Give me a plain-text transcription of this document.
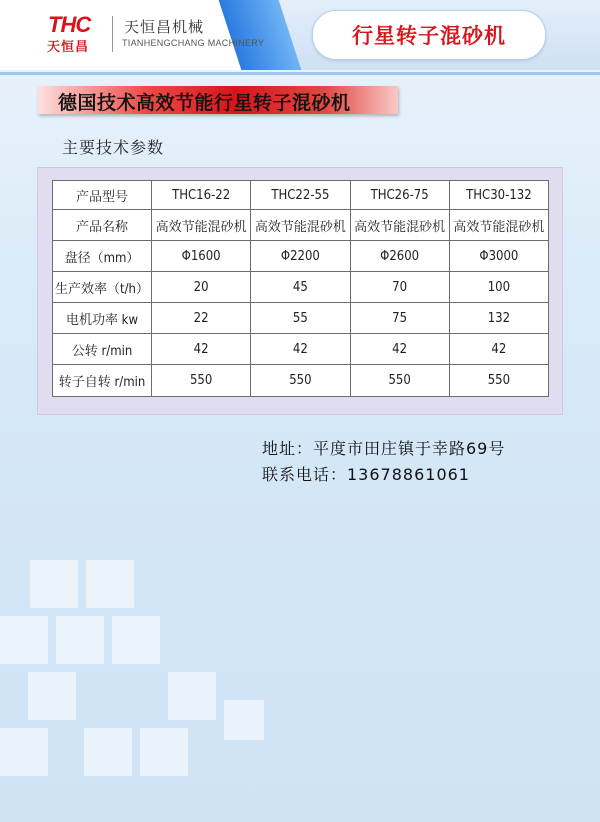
THC
天恒昌
天恒昌机械
TIANHENGCHANG MACHINERY	行星转子混砂机
德国技术高效节能行星转子混砂机
主要技术参数
产品型号	THC16-22	THC22-55	THC26-75	THC30-132
产品名称	高效节能混砂机	高效节能混砂机	高效节能混砂机	高效节能混砂机
盘径（mm）	Φ1600	Φ2200	Φ2600	Φ3000
生产效率（t/h）	20	45	70	100
电机功率 kw	22	55	75	132
公转 r/min	42	42	42	42
转子自转 r/min	550	550	550	550
地址：平度市田庄镇于幸路69号
联系电话：13678861061
